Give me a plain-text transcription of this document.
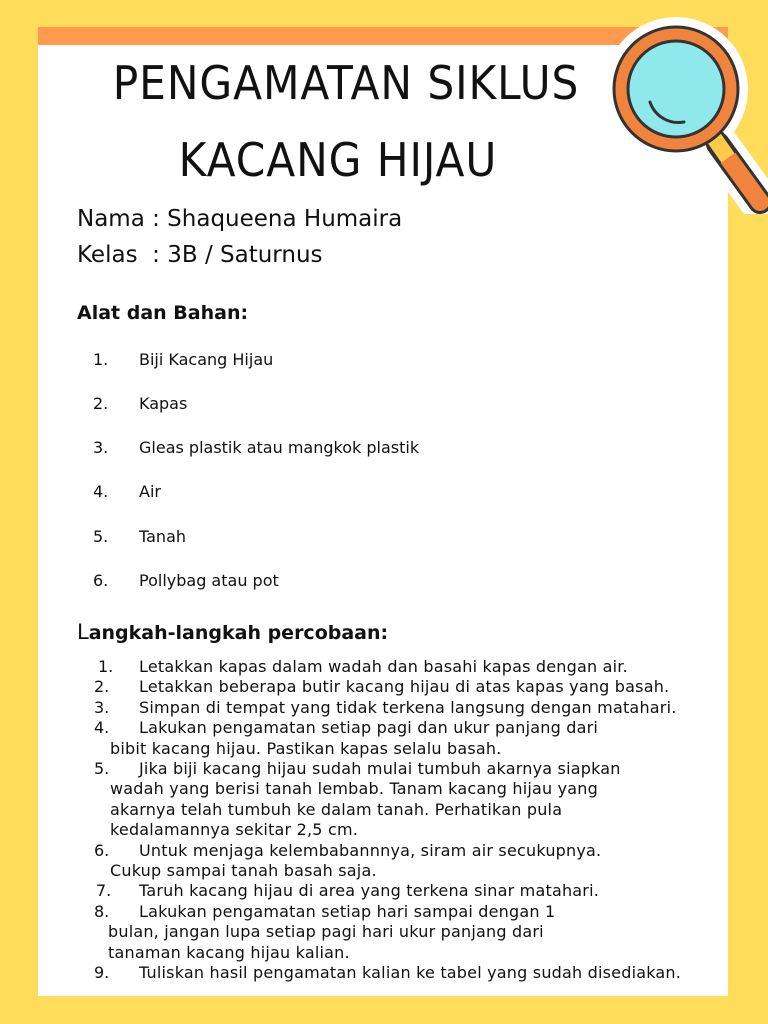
PENGAMATAN SIKLUS
KACANG HIJAU
Nama : Shaqueena Humaira
Kelas  : 3B / Saturnus
Alat dan Bahan:
1.	Biji Kacang Hijau
2.	Kapas
3.	Gleas plastik atau mangkok plastik
4.	Air
5.	Tanah
6.	Pollybag atau pot
Langkah-langkah percobaan:
1. Letakkan kapas dalam wadah dan basahi kapas dengan air.
2. Letakkan beberapa butir kacang hijau di atas kapas yang basah.
3. Simpan di tempat yang tidak terkena langsung dengan matahari.
4. Lakukan pengamatan setiap pagi dan ukur panjang dari
bibit kacang hijau. Pastikan kapas selalu basah.
5. Jika biji kacang hijau sudah mulai tumbuh akarnya siapkan
wadah yang berisi tanah lembab. Tanam kacang hijau yang
akarnya telah tumbuh ke dalam tanah. Perhatikan pula
kedalamannya sekitar 2,5 cm.
6. Untuk menjaga kelembabannnya, siram air secukupnya.
Cukup sampai tanah basah saja.
7. Taruh kacang hijau di area yang terkena sinar matahari.
8. Lakukan pengamatan setiap hari sampai dengan 1
bulan, jangan lupa setiap pagi hari ukur panjang dari
tanaman kacang hijau kalian.
9. Tuliskan hasil pengamatan kalian ke tabel yang sudah disediakan.
